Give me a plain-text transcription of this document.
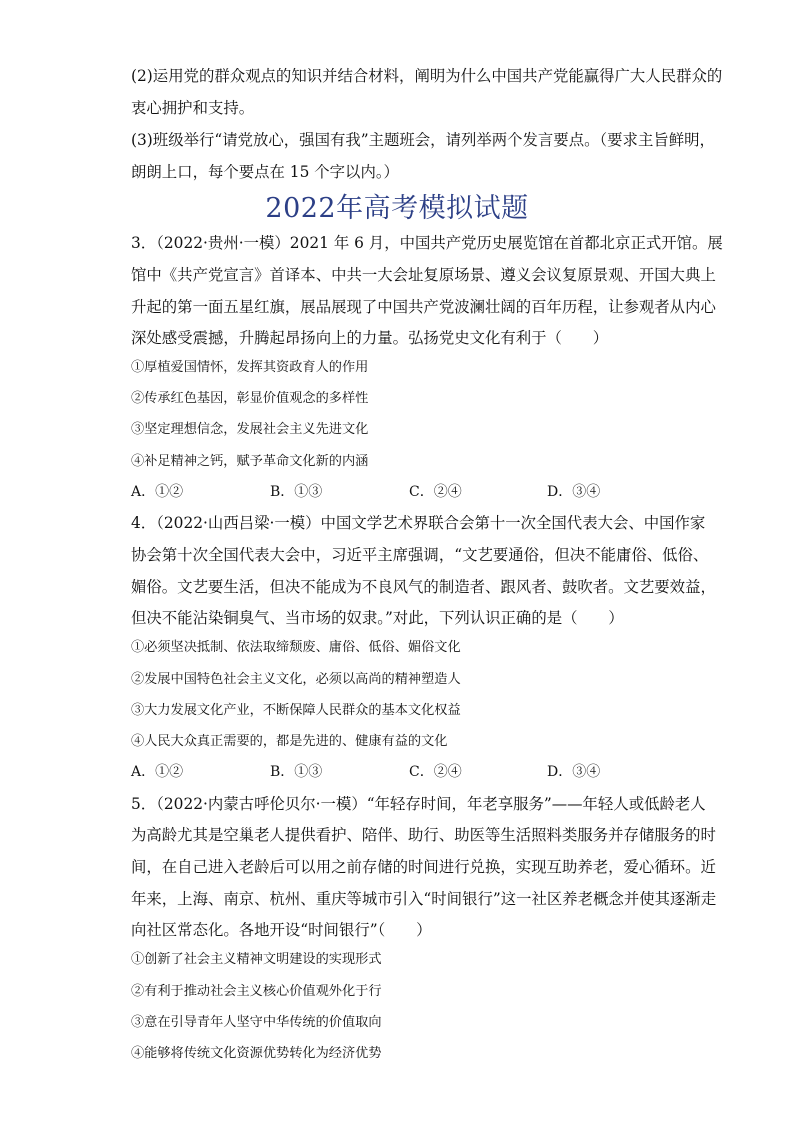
(2)运用党的群众观点的知识并结合材料，阐明为什么中国共产党能赢得广大人民群众的
衷心拥护和支持。
(3)班级举行“请党放心，强国有我”主题班会，请列举两个发言要点。（要求主旨鲜明，
朗朗上口，每个要点在 15 个字以内。）
2022年高考模拟试题
3．（2022·贵州·一模）2021 年 6 月，中国共产党历史展览馆在首都北京正式开馆。展
馆中《共产党宣言》首译本、中共一大会址复原场景、遵义会议复原景观、开国大典上
升起的第一面五星红旗，展品展现了中国共产党波澜壮阔的百年历程，让参观者从内心
深处感受震撼，升腾起昂扬向上的力量。弘扬党史文化有利于（　　）
①厚植爱国情怀，发挥其资政育人的作用
②传承红色基因，彰显价值观念的多样性
③坚定理想信念，发展社会主义先进文化
④补足精神之钙，赋予革命文化新的内涵
A．①②	B．①③	C．②④	D．③④
4．（2022·山西吕梁·一模）中国文学艺术界联合会第十一次全国代表大会、中国作家
协会第十次全国代表大会中，习近平主席强调，“文艺要通俗，但决不能庸俗、低俗、
媚俗。文艺要生活，但决不能成为不良风气的制造者、跟风者、鼓吹者。文艺要效益，
但决不能沾染铜臭气、当市场的奴隶。”对此，下列认识正确的是（　　）
①必须坚决抵制、依法取缔颓废、庸俗、低俗、媚俗文化
②发展中国特色社会主义文化，必须以高尚的精神塑造人
③大力发展文化产业，不断保障人民群众的基本文化权益
④人民大众真正需要的，都是先进的、健康有益的文化
A．①②	B．①③	C．②④	D．③④
5．（2022·内蒙古呼伦贝尔·一模）“年轻存时间，年老享服务”——年轻人或低龄老人
为高龄尤其是空巢老人提供看护、陪伴、助行、助医等生活照料类服务并存储服务的时
间，在自己进入老龄后可以用之前存储的时间进行兑换，实现互助养老，爱心循环。近
年来，上海、南京、杭州、重庆等城市引入“时间银行”这一社区养老概念并使其逐渐走
向社区常态化。各地开设“时间银行”（　　）
①创新了社会主义精神文明建设的实现形式
②有利于推动社会主义核心价值观外化于行
③意在引导青年人坚守中华传统的价值取向
④能够将传统文化资源优势转化为经济优势
